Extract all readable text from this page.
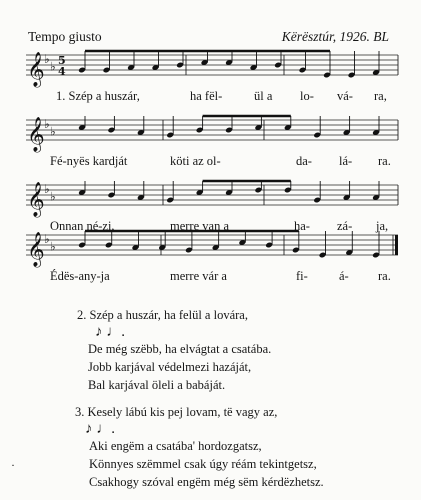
Tempo giusto	Kërësztúr, 1926. BL
𝄞 ♭
♭ 5
4
𝄞 ♭
♭
𝄞 ♭
♭
𝄞 ♭
♭
1. Szép a huszár,	ha fël-	ül a lo- vá- ra,
Fé-nyës kardját	köti az ol-	da- lá- ra.
Onnan né-zi,	merre van a	ha- zá- ja,
Édës-any-ja	merre vár a	fi- á- ra.
2. Szép a huszár, ha felül a lovára,
♪ ♩.
De még szëbb, ha elvágtat a csatába.
Jobb karjával védelmezi hazáját,
Bal karjával öleli a babáját.
3. Kesely lábú kis pej lovam, të vagy az,
♪ ♩.
Aki engëm a csatába' hordozgatsz,
Könnyes szëmmel csak úgy réám tekintgetsz,
Csakhogy szóval engëm még sëm kérdëzhetsz.
·
